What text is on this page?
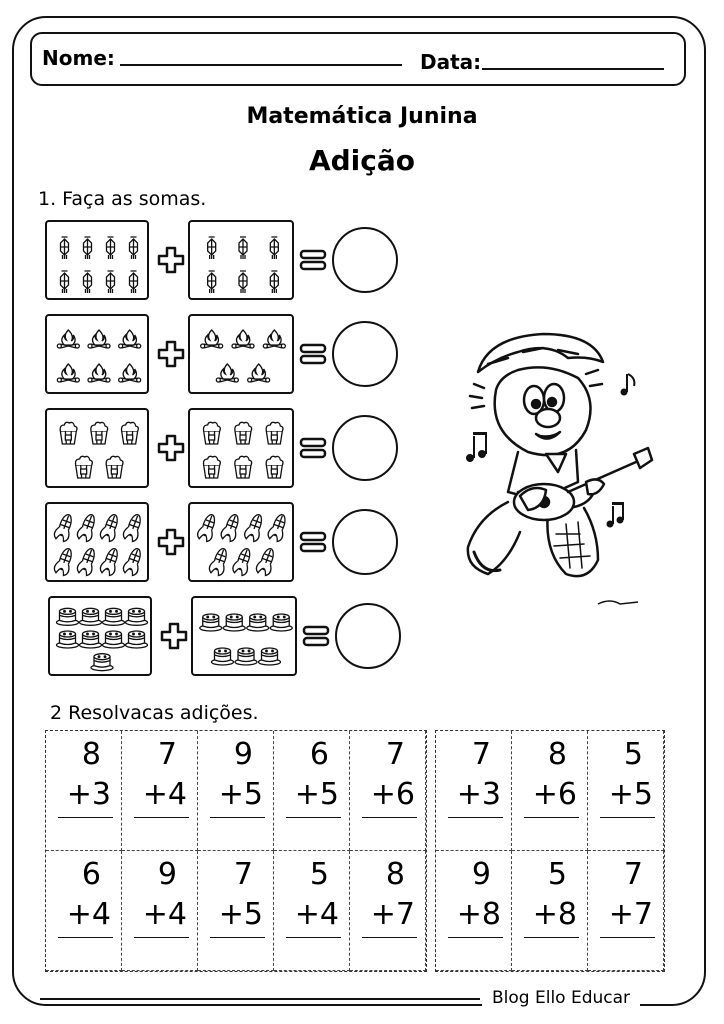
Nome:	Data:
Matemática Junina
Adição
1. Faça as somas.
2 Resolvacas adições.
8
+3
7
+4
9
+5
6
+5
7
+6
6
+4
9
+4
7
+5
5
+4
8
+7
7
+3
8
+6
5
+5
9
+8
5
+8
7
+7
Blog Ello Educar
